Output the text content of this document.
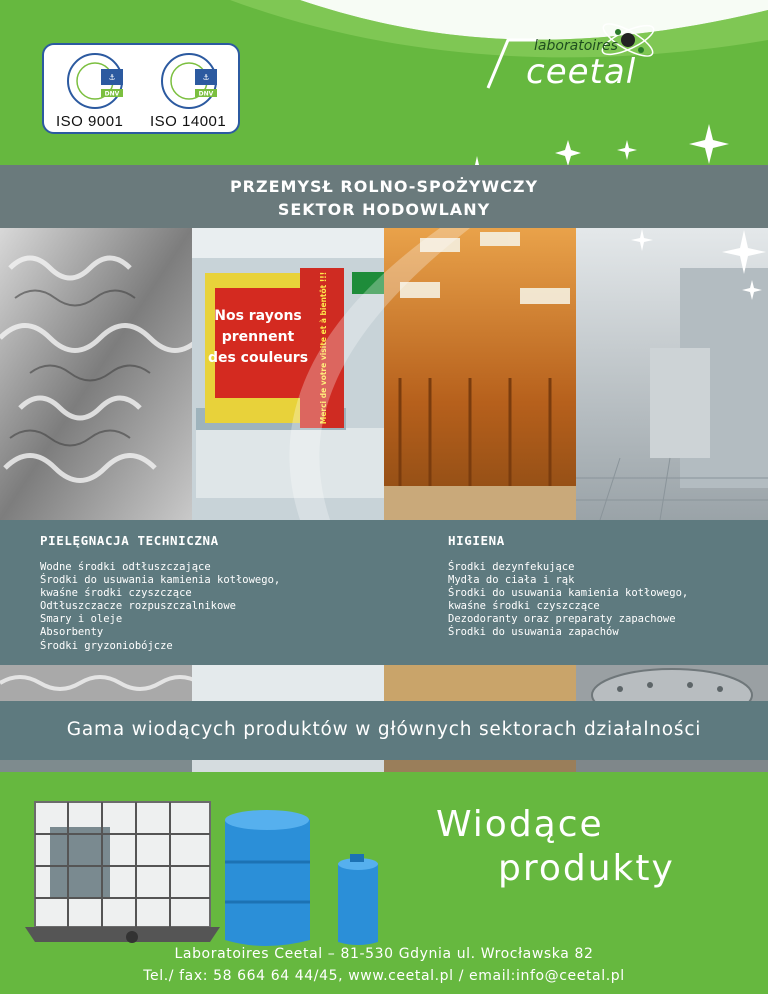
⚓
DNV
⚓
DNV
ISO 9001 ISO 14001
laboratoires
ceetal
PRZEMYSŁ ROLNO-SPOŻYWCZY
SEKTOR HODOWLANY
Nos rayons
prennent
des couleurs Merci de votre visite et à bientôt !!!
PIELĘGNACJA TECHNICZNA
Wodne środki odtłuszczające
Środki do usuwania kamienia kotłowego,
kwaśne środki czyszczące
Odtłuszczacze rozpuszczalnikowe
Smary i oleje
Absorbenty
Środki gryzoniobójcze
HIGIENA
Środki dezynfekujące
Mydła do ciała i rąk
Środki do usuwania kamienia kotłowego,
kwaśne środki czyszczące
Dezodoranty oraz preparaty zapachowe
Środki do usuwania zapachów
Gama wiodących produktów w głównych sektorach działalności
Wiodące
produkty
Laboratoires Ceetal – 81-530 Gdynia ul. Wrocławska 82
Tel./ fax: 58 664 64 44/45, www.ceetal.pl / email:info@ceetal.pl
